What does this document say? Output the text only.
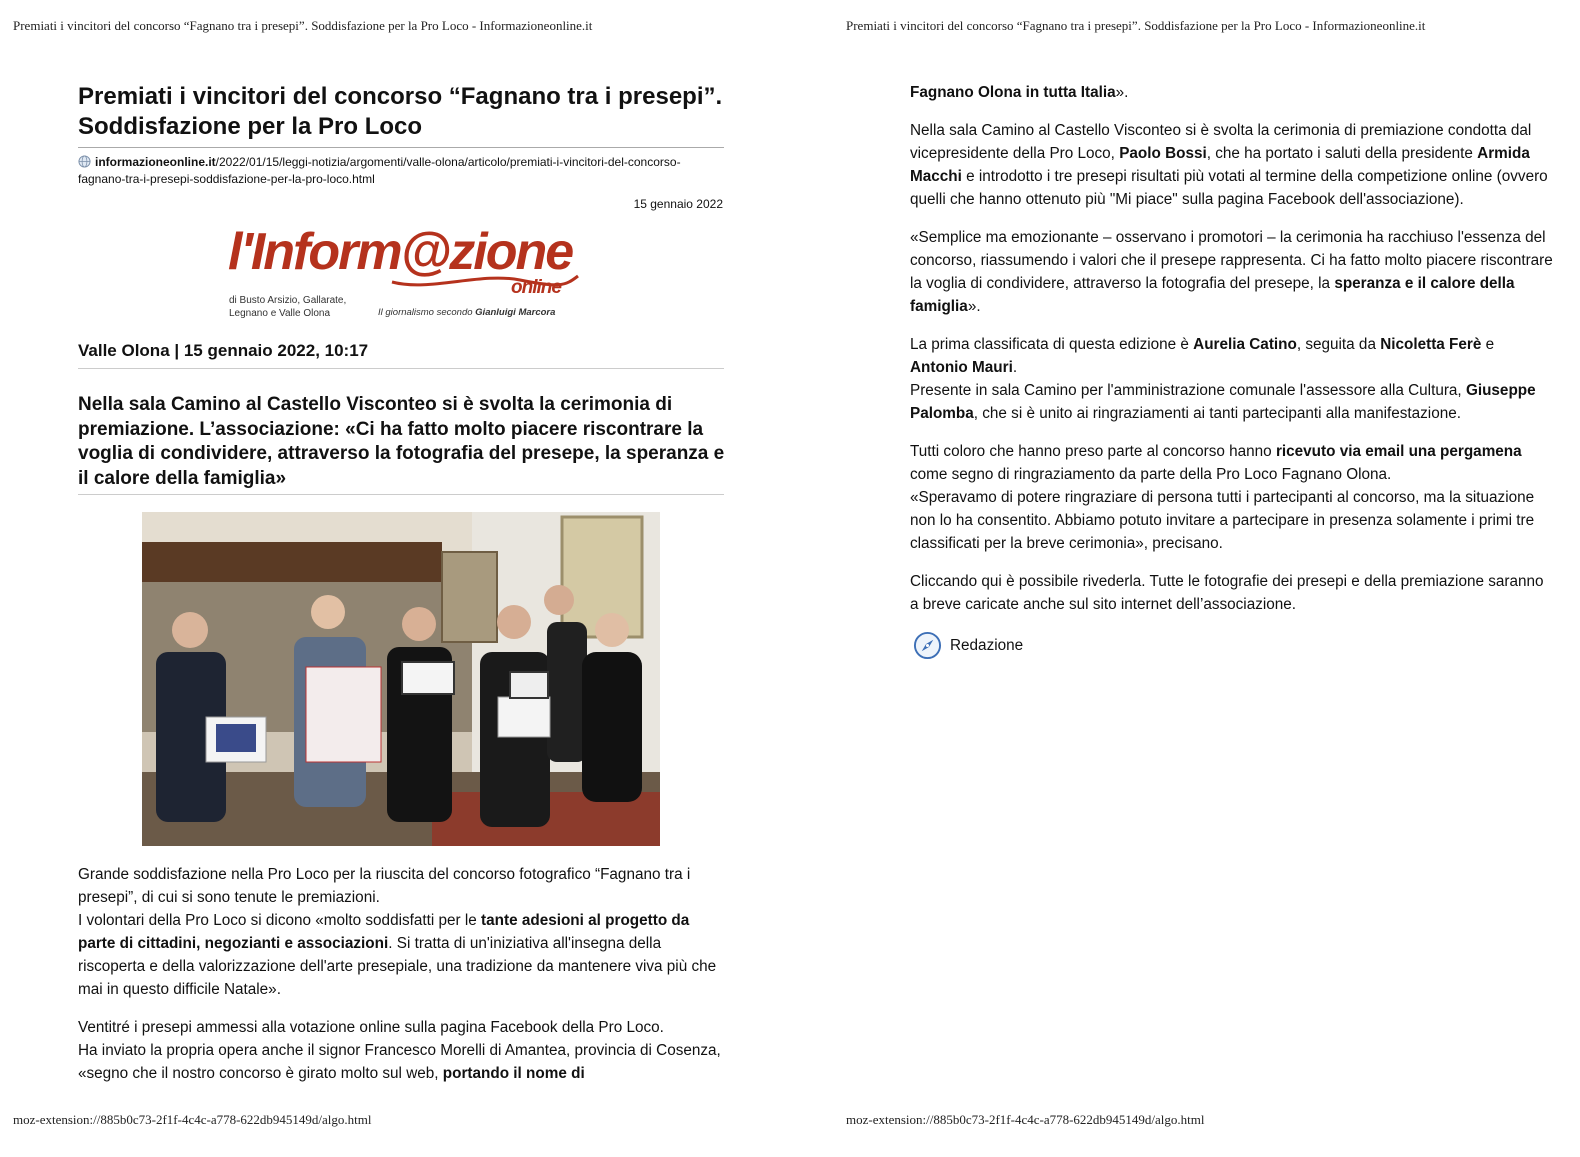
Premiati i vincitori del concorso “Fagnano tra i presepi”. Soddisfazione per la Pro Loco - Informazioneonline.it
Premiati i vincitori del concorso “Fagnano tra i presepi”. Soddisfazione per la Pro Loco
informazioneonline.it/2022/01/15/leggi-notizia/argomenti/valle-olona/articolo/premiati-i-vincitori-del-concorso-fagnano-tra-i-presepi-soddisfazione-per-la-pro-loco.html
15 gennaio 2022
l'Inform@zione
online
di Busto Arsizio, Gallarate, Legnano e Valle Olona	Il giornalismo secondo Gianluigi Marcora
Valle Olona | 15 gennaio 2022, 10:17
Nella sala Camino al Castello Visconteo si è svolta la cerimonia di premiazione. L’associazione: «Ci ha fatto molto piacere riscontrare la voglia di condividere, attraverso la fotografia del presepe, la speranza e il calore della famiglia»

Grande soddisfazione nella Pro Loco per la riuscita del concorso fotografico “Fagnano tra i presepi”, di cui si sono tenute le premiazioni.
I volontari della Pro Loco si dicono «molto soddisfatti per le tante adesioni al progetto da parte di cittadini, negozianti e associazioni. Si tratta di un'iniziativa all'insegna della riscoperta e della valorizzazione dell'arte presepiale, una tradizione da mantenere viva più che mai in questo difficile Natale».

Ventitré i presepi ammessi alla votazione online sulla pagina Facebook della Pro Loco.
Ha inviato la propria opera anche il signor Francesco Morelli di Amantea, provincia di Cosenza, «segno che il nostro concorso è girato molto sul web, portando il nome di

moz-extension://885b0c73-2f1f-4c4c-a778-622db945149d/algo.html
Premiati i vincitori del concorso “Fagnano tra i presepi”. Soddisfazione per la Pro Loco - Informazioneonline.it

Fagnano Olona in tutta Italia».

Nella sala Camino al Castello Visconteo si è svolta la cerimonia di premiazione condotta dal vicepresidente della Pro Loco, Paolo Bossi, che ha portato i saluti della presidente Armida Macchi e introdotto i tre presepi risultati più votati al termine della competizione online (ovvero quelli che hanno ottenuto più "Mi piace" sulla pagina Facebook dell'associazione).

«Semplice ma emozionante – osservano i promotori – la cerimonia ha racchiuso l'essenza del concorso, riassumendo i valori che il presepe rappresenta. Ci ha fatto molto piacere riscontrare la voglia di condividere, attraverso la fotografia del presepe, la speranza e il calore della famiglia».

La prima classificata di questa edizione è Aurelia Catino, seguita da Nicoletta Ferè e Antonio Mauri.
Presente in sala Camino per l'amministrazione comunale l'assessore alla Cultura, Giuseppe Palomba, che si è unito ai ringraziamenti ai tanti partecipanti alla manifestazione.

Tutti coloro che hanno preso parte al concorso hanno ricevuto via email una pergamena come segno di ringraziamento da parte della Pro Loco Fagnano Olona.
«Speravamo di potere ringraziare di persona tutti i partecipanti al concorso, ma la situazione non lo ha consentito. Abbiamo potuto invitare a partecipare in presenza solamente i primi tre classificati per la breve cerimonia», precisano.

Cliccando qui è possibile rivederla. Tutte le fotografie dei presepi e della premiazione saranno a breve caricate anche sul sito internet dell’associazione.

Redazione
moz-extension://885b0c73-2f1f-4c4c-a778-622db945149d/algo.html
